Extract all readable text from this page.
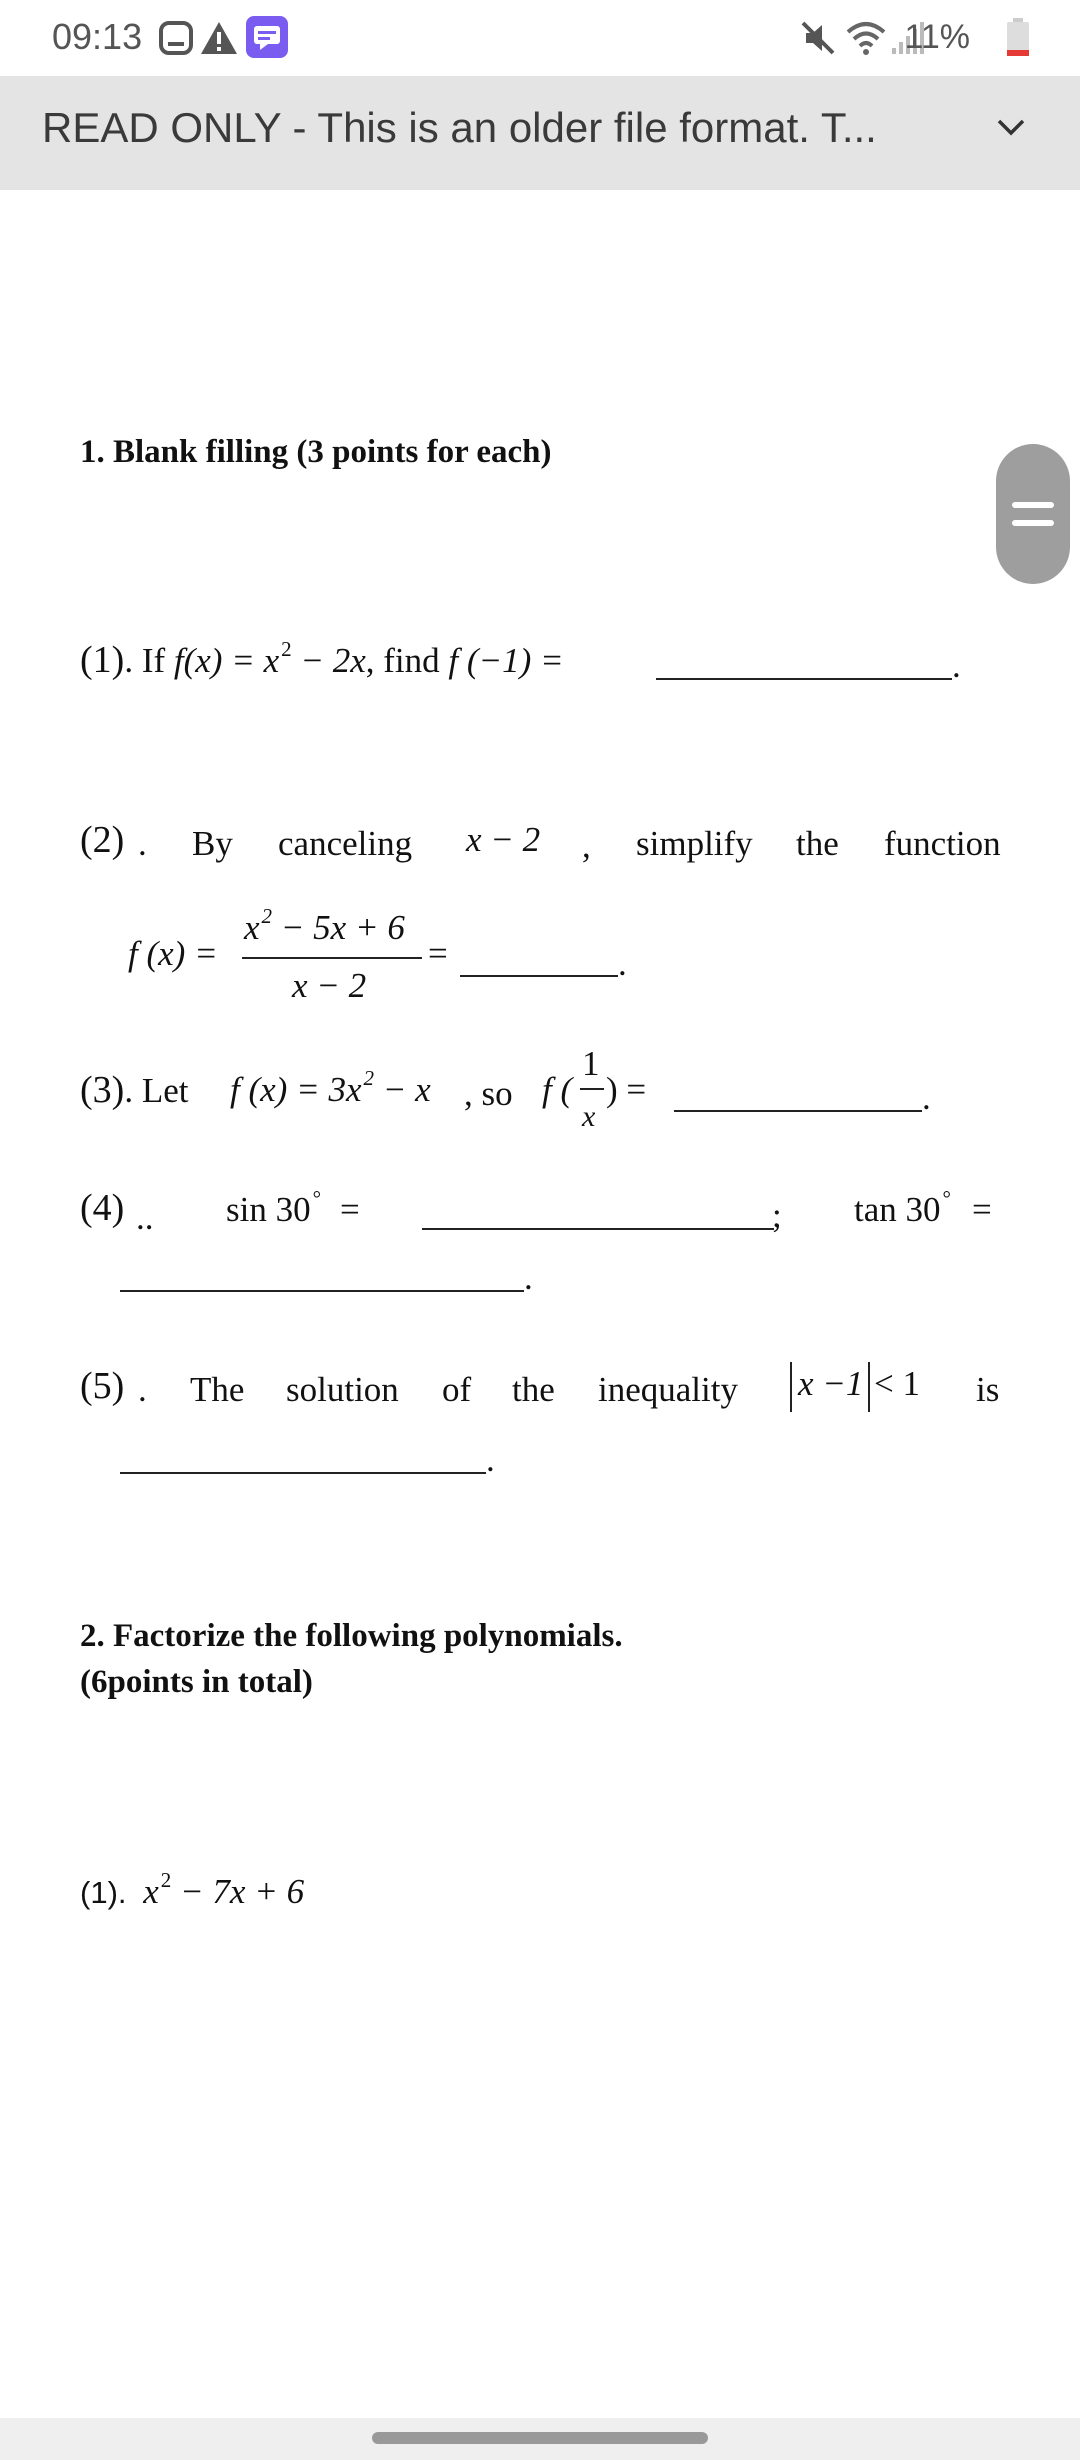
09:13	11%
READ ONLY - This is an older file format. T...
1. Blank filling (3 points for each)
(1). If $f(x) = x^2 - 2x$, find f (−1) =	.
(2) . By canceling x − 2 , simplify the function
f (x) =
$x^2 - 5x + 6$
x − 2
=	.
(3). Let f $(x) = 3x^2 - x$ , so f (
1
x
) =	.
(4) .. sin 30° =	; tan 30° =
.
(5) . The solution of the inequality x −1 < 1 is
.
2. Factorize the following polynomials.
(6points in total)
(1). $x^2 - 7x + 6$
